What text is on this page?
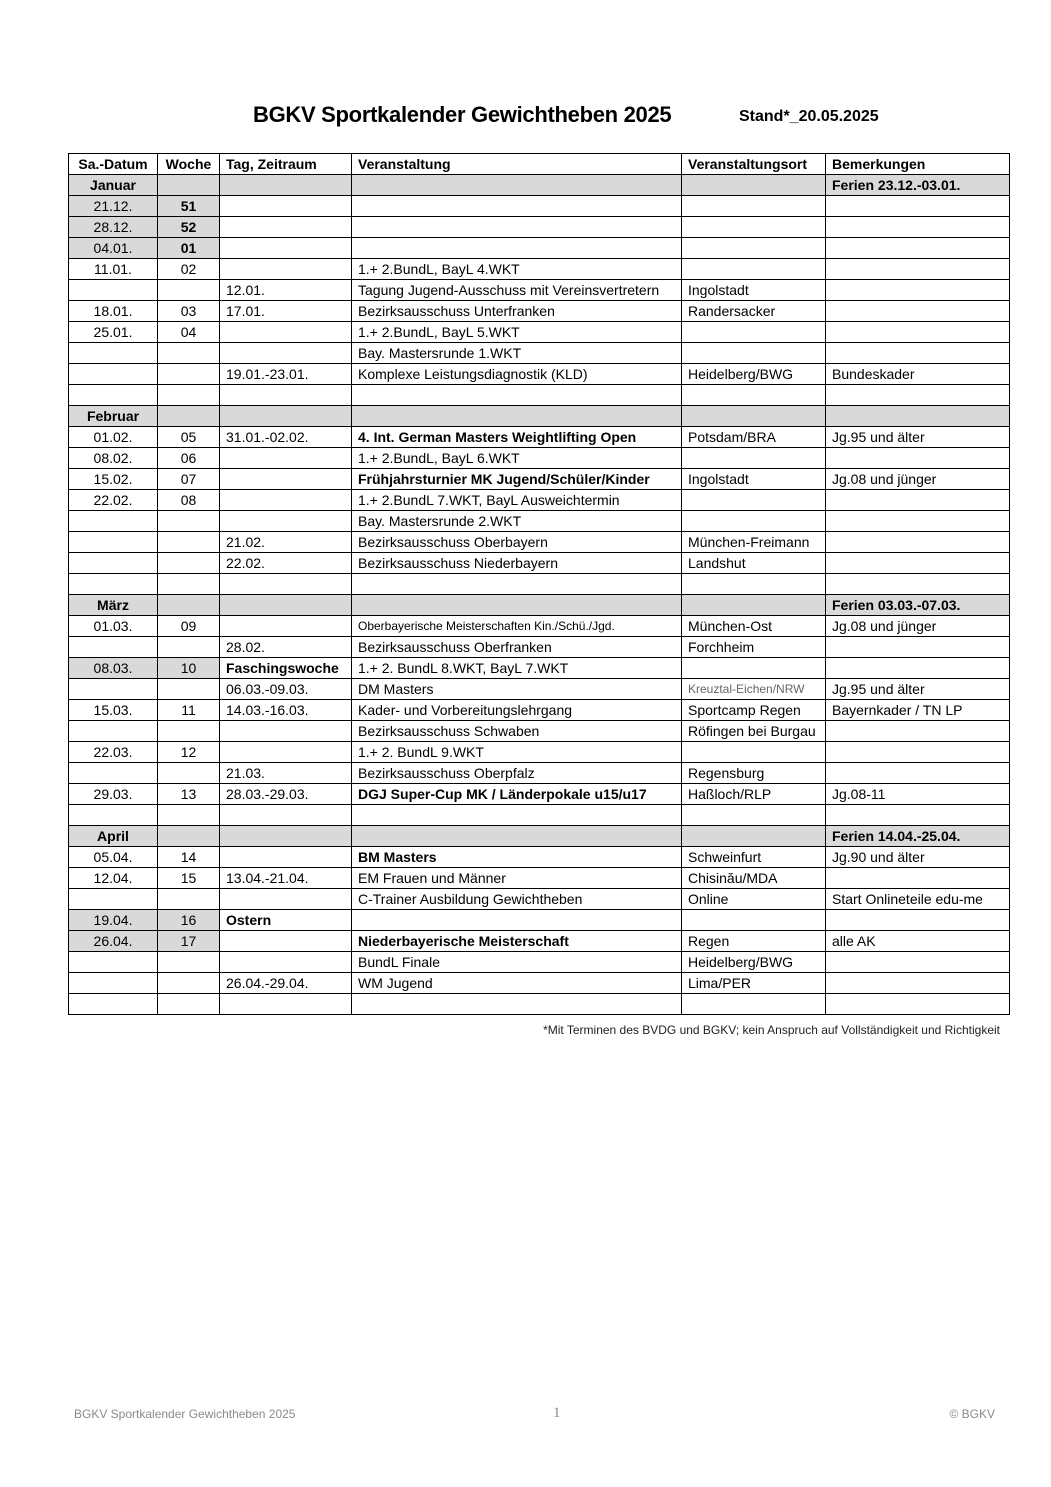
BGKV Sportkalender Gewichtheben 2025	Stand*_20.05.2025
Sa.-Datum	Woche	Tag, Zeitraum	Veranstaltung	Veranstaltungsort	Bemerkungen
Januar					Ferien 23.12.-03.01.
21.12.	51				
28.12.	52				
04.01.	01				
11.01.	02		1.+ 2.BundL, BayL 4.WKT		
		12.01.	Tagung Jugend-Ausschuss mit Vereinsvertretern	Ingolstadt	
18.01.	03	17.01.	Bezirksausschuss Unterfranken	Randersacker	
25.01.	04		1.+ 2.BundL, BayL 5.WKT		
			Bay. Mastersrunde 1.WKT		
		19.01.-23.01.	Komplexe Leistungsdiagnostik (KLD)	Heidelberg/BWG	Bundeskader

Februar					
01.02.	05	31.01.-02.02.	4. Int. German Masters Weightlifting Open	Potsdam/BRA	Jg.95 und älter
08.02.	06		1.+ 2.BundL, BayL 6.WKT		
15.02.	07		Frühjahrsturnier MK Jugend/Schüler/Kinder	Ingolstadt	Jg.08 und jünger
22.02.	08		1.+ 2.BundL 7.WKT, BayL Ausweichtermin		
			Bay. Mastersrunde 2.WKT		
		21.02.	Bezirksausschuss Oberbayern	München-Freimann	
		22.02.	Bezirksausschuss Niederbayern	Landshut	

März					Ferien 03.03.-07.03.
01.03.	09		Oberbayerische Meisterschaften Kin./Schü./Jgd.	München-Ost	Jg.08 und jünger
		28.02.	Bezirksausschuss Oberfranken	Forchheim	
08.03.	10	Faschingswoche	1.+ 2. BundL 8.WKT, BayL 7.WKT		
		06.03.-09.03.	DM Masters	Kreuztal-Eichen/NRW	Jg.95 und älter
15.03.	11	14.03.-16.03.	Kader- und Vorbereitungslehrgang	Sportcamp Regen	Bayernkader / TN LP
			Bezirksausschuss Schwaben	Röfingen bei Burgau	
22.03.	12		1.+ 2. BundL 9.WKT		
		21.03.	Bezirksausschuss Oberpfalz	Regensburg	
29.03.	13	28.03.-29.03.	DGJ Super-Cup MK / Länderpokale u15/u17	Haßloch/RLP	Jg.08-11

April					Ferien 14.04.-25.04.
05.04.	14		BM Masters	Schweinfurt	Jg.90 und älter
12.04.	15	13.04.-21.04.	EM Frauen und Männer	Chisinău/MDA	
			C-Trainer Ausbildung Gewichtheben	Online	Start Onlineteile edu-me
19.04.	16	Ostern			
26.04.	17		Niederbayerische Meisterschaft	Regen	alle AK
			BundL Finale	Heidelberg/BWG	
		26.04.-29.04.	WM Jugend	Lima/PER	

*Mit Terminen des BVDG und BGKV; kein Anspruch auf Vollständigkeit und Richtigkeit
BGKV Sportkalender Gewichtheben 2025	1	© BGKV
